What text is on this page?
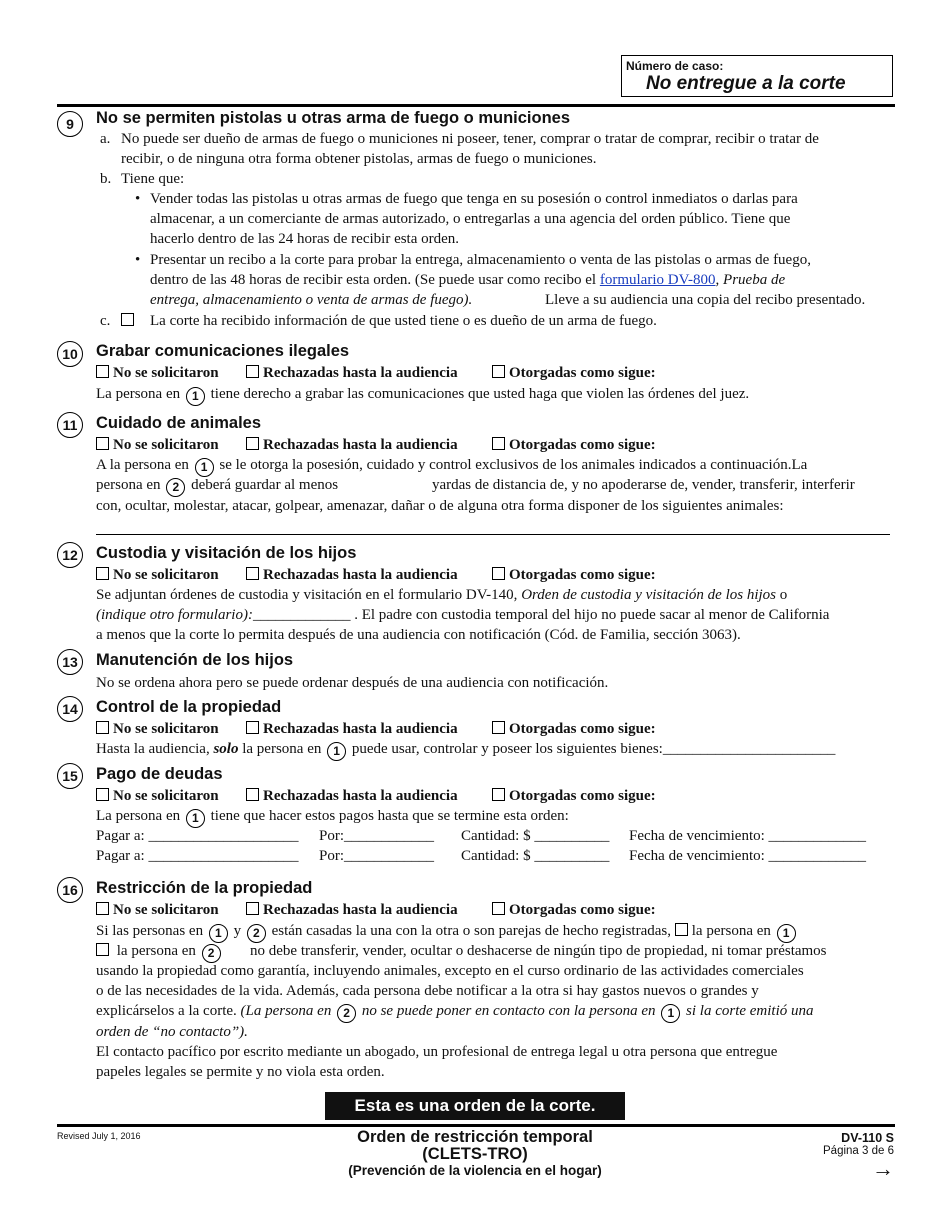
Número de caso:
No entregue a la corte
9	No se permiten pistolas u otras arma de fuego o municiones
a. No puede ser dueño de armas de fuego o municiones ni poseer, tener, comprar o tratar de comprar, recibir o tratar de
recibir, o de ninguna otra forma obtener pistolas, armas de fuego o municiones.
b. Tiene que:
• Vender todas las pistolas u otras armas de fuego que tenga en su posesión o control inmediatos o darlas para
almacenar, a un comerciante de armas autorizado, o entregarlas a una agencia del orden público. Tiene que
hacerlo dentro de las 24 horas de recibir esta orden.
• Presentar un recibo a la corte para probar la entrega, almacenamiento o venta de las pistolas o armas de fuego,
dentro de las 48 horas de recibir esta orden. (Se puede usar como recibo el formulario DV-800, Prueba de
entrega, almacenamiento o venta de armas de fuego).	Lleve a su audiencia una copia del recibo presentado.
c.	La corte ha recibido información de que usted tiene o es dueño de un arma de fuego.
10	Grabar comunicaciones ilegales
No se solicitaron	Rechazadas hasta la audiencia	Otorgadas como sigue:
La persona en 1 tiene derecho a grabar las comunicaciones que usted haga que violen las órdenes del juez.
11	Cuidado de animales
No se solicitaron	Rechazadas hasta la audiencia	Otorgadas como sigue:
A la persona en 1 se le otorga la posesión, cuidado y control exclusivos de los animales indicados a continuación.La
persona en 2 deberá guardar al menos	yardas de distancia de, y no apoderarse de, vender, transferir, interferir
con, ocultar, molestar, atacar, golpear, amenazar, dañar o de alguna otra forma disponer de los siguientes animales:
12	Custodia y visitación de los hijos
No se solicitaron	Rechazadas hasta la audiencia	Otorgadas como sigue:
Se adjuntan órdenes de custodia y visitación en el formulario DV-140, Orden de custodia y visitación de los hijos o
(indique otro formulario):_____________ . El padre con custodia temporal del hijo no puede sacar al menor de California
a menos que la corte lo permita después de una audiencia con notificación (Cód. de Familia, sección 3063).
13	Manutención de los hijos
No se ordena ahora pero se puede ordenar después de una audiencia con notificación.
14	Control de la propiedad
No se solicitaron	Rechazadas hasta la audiencia	Otorgadas como sigue:
Hasta la audiencia, solo la persona en 1 puede usar, controlar y poseer los siguientes bienes:_______________________
15	Pago de deudas
No se solicitaron	Rechazadas hasta la audiencia	Otorgadas como sigue:
La persona en 1 tiene que hacer estos pagos hasta que se termine esta orden:
Pagar a: ____________________ Por:____________ Cantidad: $ __________ Fecha de vencimiento: _____________
Pagar a: ____________________ Por:____________ Cantidad: $ __________ Fecha de vencimiento: _____________
16	Restricción de la propiedad
No se solicitaron	Rechazadas hasta la audiencia	Otorgadas como sigue:
Si las personas en 1 y 2 están casadas la una con la otra o son parejas de hecho registradas, la persona en 1
la persona en 2	no debe transferir, vender, ocultar o deshacerse de ningún tipo de propiedad, ni tomar préstamos
usando la propiedad como garantía, incluyendo animales, excepto en el curso ordinario de las actividades comerciales
o de las necesidades de la vida. Además, cada persona debe notificar a la otra si hay gastos nuevos o grandes y
explicárselos a la corte. (La persona en 2 no se puede poner en contacto con la persona en 1 si la corte emitió una
orden de “no contacto”).
El contacto pacífico por escrito mediante un abogado, un profesional de entrega legal u otra persona que entregue
papeles legales se permite y no viola esta orden.
Esta es una orden de la corte.
Revised July 1, 2016	Orden de restricción temporal
(CLETS-TRO)
(Prevención de la violencia en el hogar)
DV-110 S
Página 3 de 6
→
